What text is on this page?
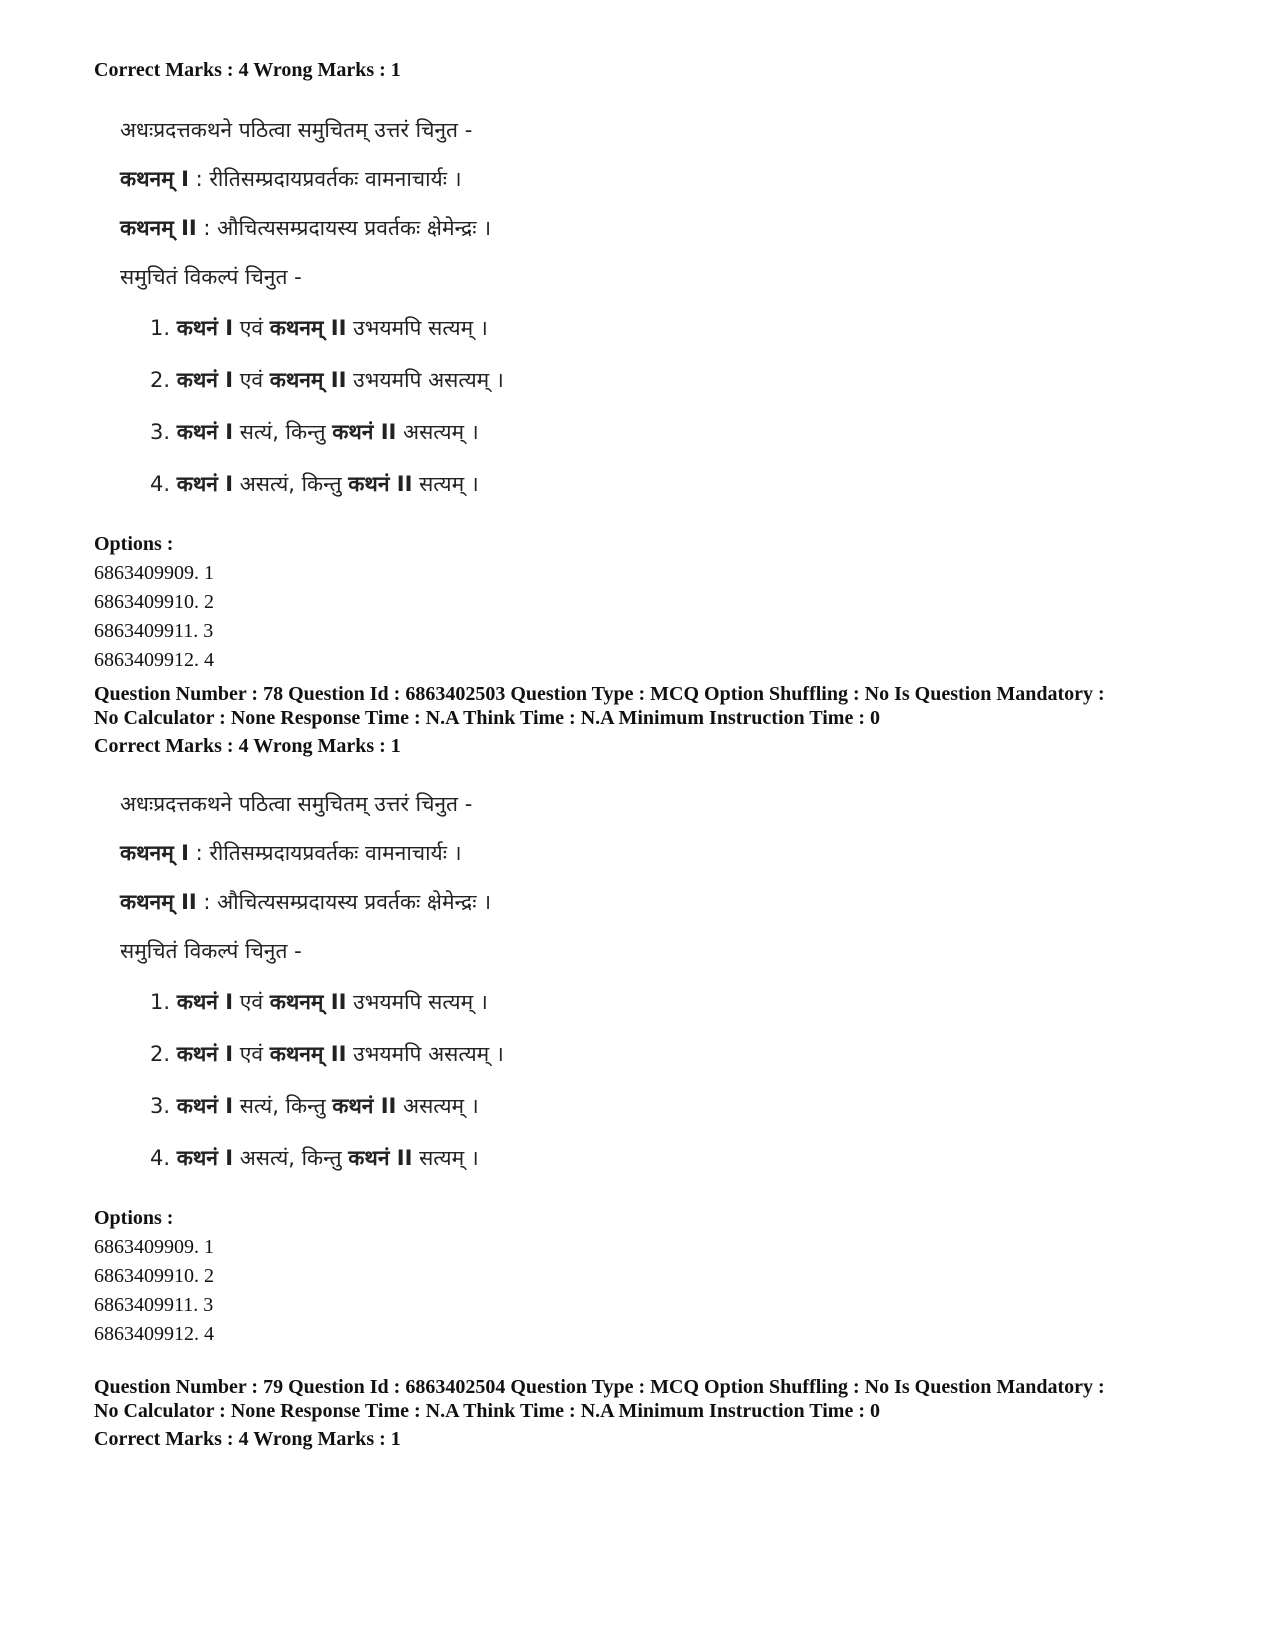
Correct Marks : 4 Wrong Marks : 1

अधःप्रदत्तकथने पठित्वा समुचितम् उत्तरं चिनुत -
कथनम् I : रीतिसम्प्रदायप्रवर्तकः वामनाचार्यः ।
कथनम् II : औचित्यसम्प्रदायस्य प्रवर्तकः क्षेमेन्द्रः ।
समुचितं विकल्पं चिनुत -
1. कथनं I एवं कथनम् II उभयमपि सत्यम् ।
2. कथनं I एवं कथनम् II उभयमपि असत्यम् ।
3. कथनं I सत्यं, किन्तु कथनं II असत्यम् ।
4. कथनं I असत्यं, किन्तु कथनं II सत्यम् ।

Options :

6863409909. 1

6863409910. 2

6863409911. 3

6863409912. 4

Question Number : 78 Question Id : 6863402503 Question Type : MCQ Option Shuffling : No Is Question Mandatory :

No Calculator : None Response Time : N.A Think Time : N.A Minimum Instruction Time : 0

Correct Marks : 4 Wrong Marks : 1

अधःप्रदत्तकथने पठित्वा समुचितम् उत्तरं चिनुत -
कथनम् I : रीतिसम्प्रदायप्रवर्तकः वामनाचार्यः ।
कथनम् II : औचित्यसम्प्रदायस्य प्रवर्तकः क्षेमेन्द्रः ।
समुचितं विकल्पं चिनुत -
1. कथनं I एवं कथनम् II उभयमपि सत्यम् ।
2. कथनं I एवं कथनम् II उभयमपि असत्यम् ।
3. कथनं I सत्यं, किन्तु कथनं II असत्यम् ।
4. कथनं I असत्यं, किन्तु कथनं II सत्यम् ।

Options :

6863409909. 1

6863409910. 2

6863409911. 3

6863409912. 4

Question Number : 79 Question Id : 6863402504 Question Type : MCQ Option Shuffling : No Is Question Mandatory :

No Calculator : None Response Time : N.A Think Time : N.A Minimum Instruction Time : 0

Correct Marks : 4 Wrong Marks : 1
